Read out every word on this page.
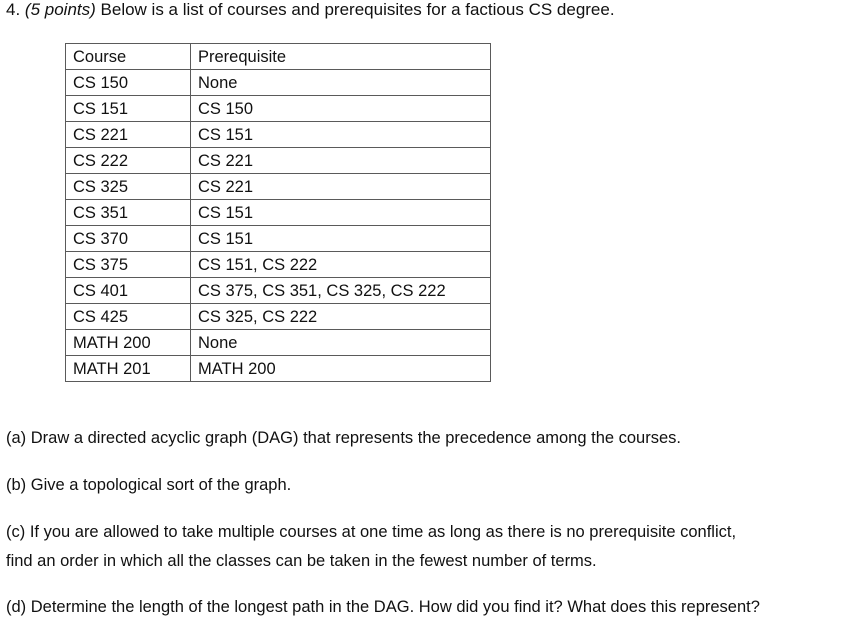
4. (5 points) Below is a list of courses and prerequisites for a factious CS degree.
Course	Prerequisite
CS 150	None
CS 151	CS 150
CS 221	CS 151
CS 222	CS 221
CS 325	CS 221
CS 351	CS 151
CS 370	CS 151
CS 375	CS 151, CS 222
CS 401	CS 375, CS 351, CS 325, CS 222
CS 425	CS 325, CS 222
MATH 200	None
MATH 201	MATH 200
(a) Draw a directed acyclic graph (DAG) that represents the precedence among the courses.
(b) Give a topological sort of the graph.
(c) If you are allowed to take multiple courses at one time as long as there is no prerequisite conflict,
find an order in which all the classes can be taken in the fewest number of terms.
(d) Determine the length of the longest path in the DAG. How did you find it? What does this represent?
